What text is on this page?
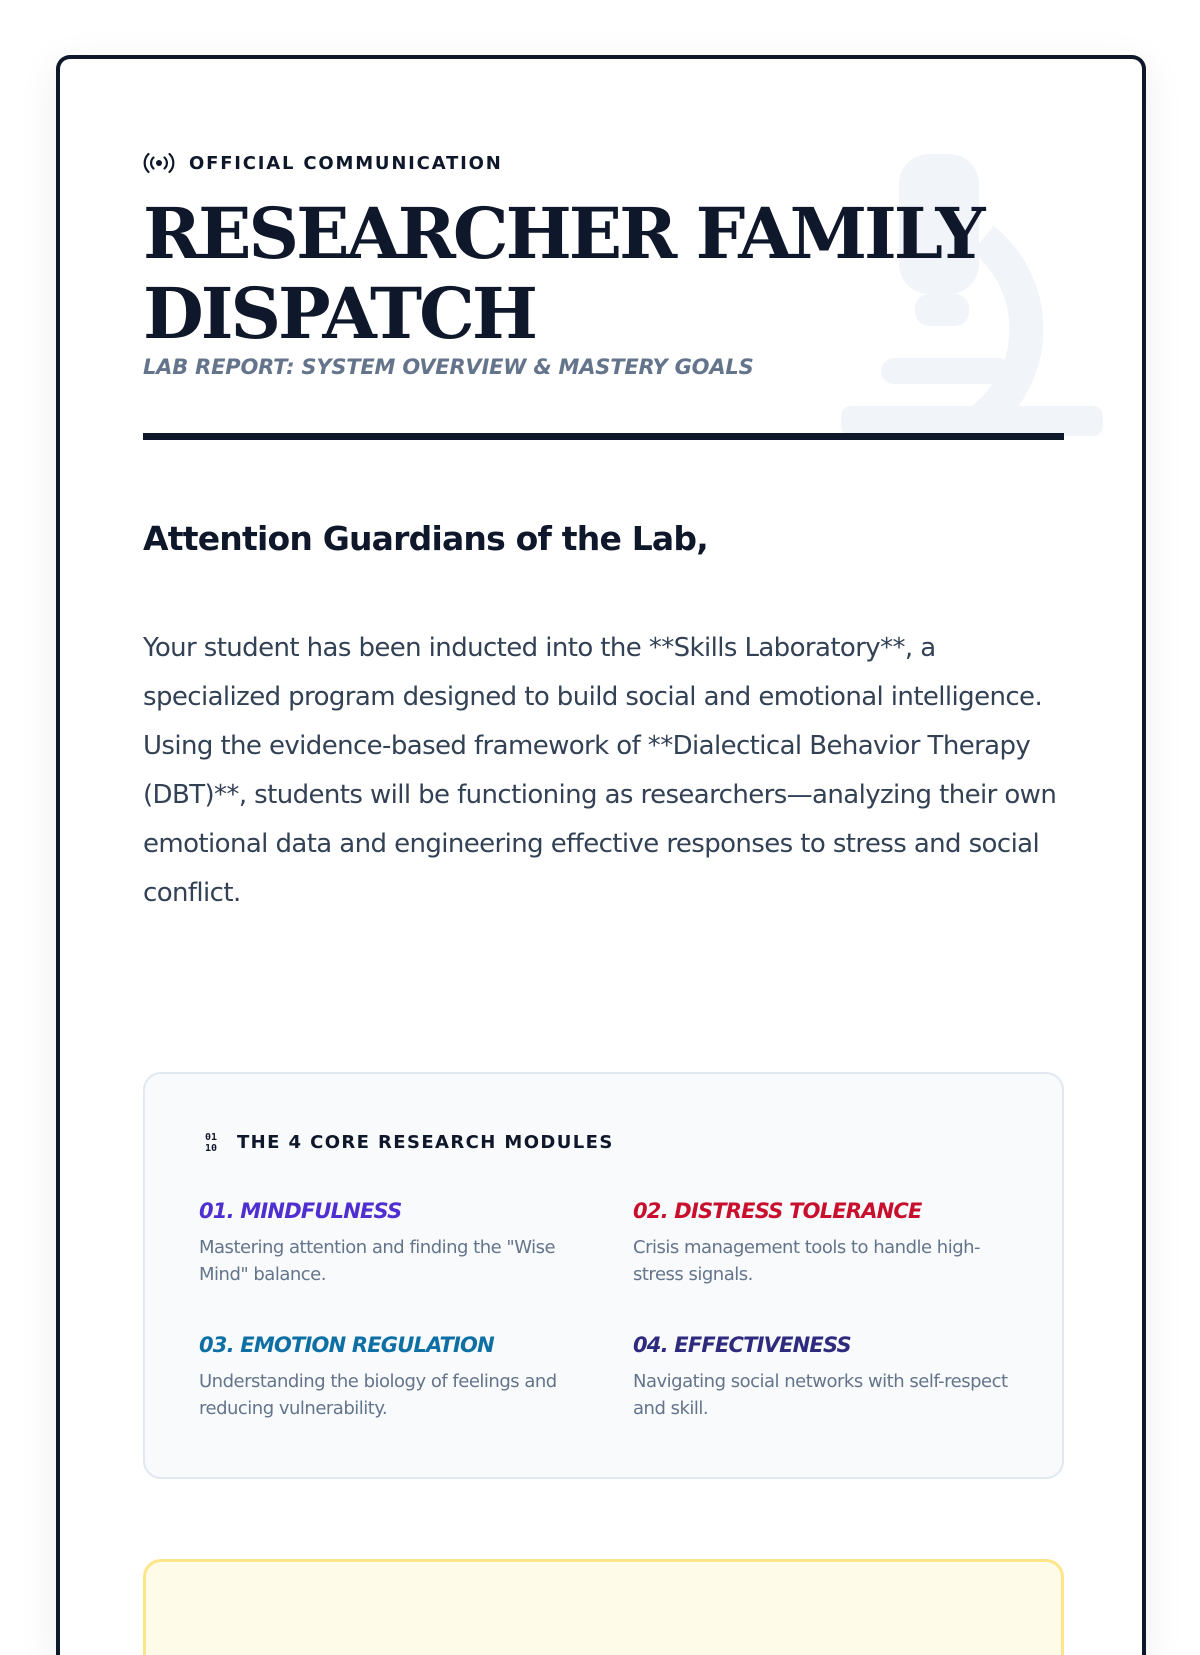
OFFICIAL COMMUNICATION
RESEARCHER FAMILY DISPATCH
LAB REPORT: SYSTEM OVERVIEW & MASTERY GOALS
Attention Guardians of the Lab,

Your student has been inducted into the **Skills Laboratory**, a specialized program designed to build social and emotional intelligence. Using the evidence-based framework of **Dialectical Behavior Therapy (DBT)**, students will be functioning as researchers—analyzing their own emotional data and engineering effective responses to stress and social conflict.

01
10 THE 4 CORE RESEARCH MODULES
01. MINDFULNESS

Mastering attention and finding the "Wise Mind" balance.

02. DISTRESS TOLERANCE

Crisis management tools to handle high-stress signals.

03. EMOTION REGULATION

Understanding the biology of feelings and reducing vulnerability.

04. EFFECTIVENESS

Navigating social networks with self-respect and skill.
